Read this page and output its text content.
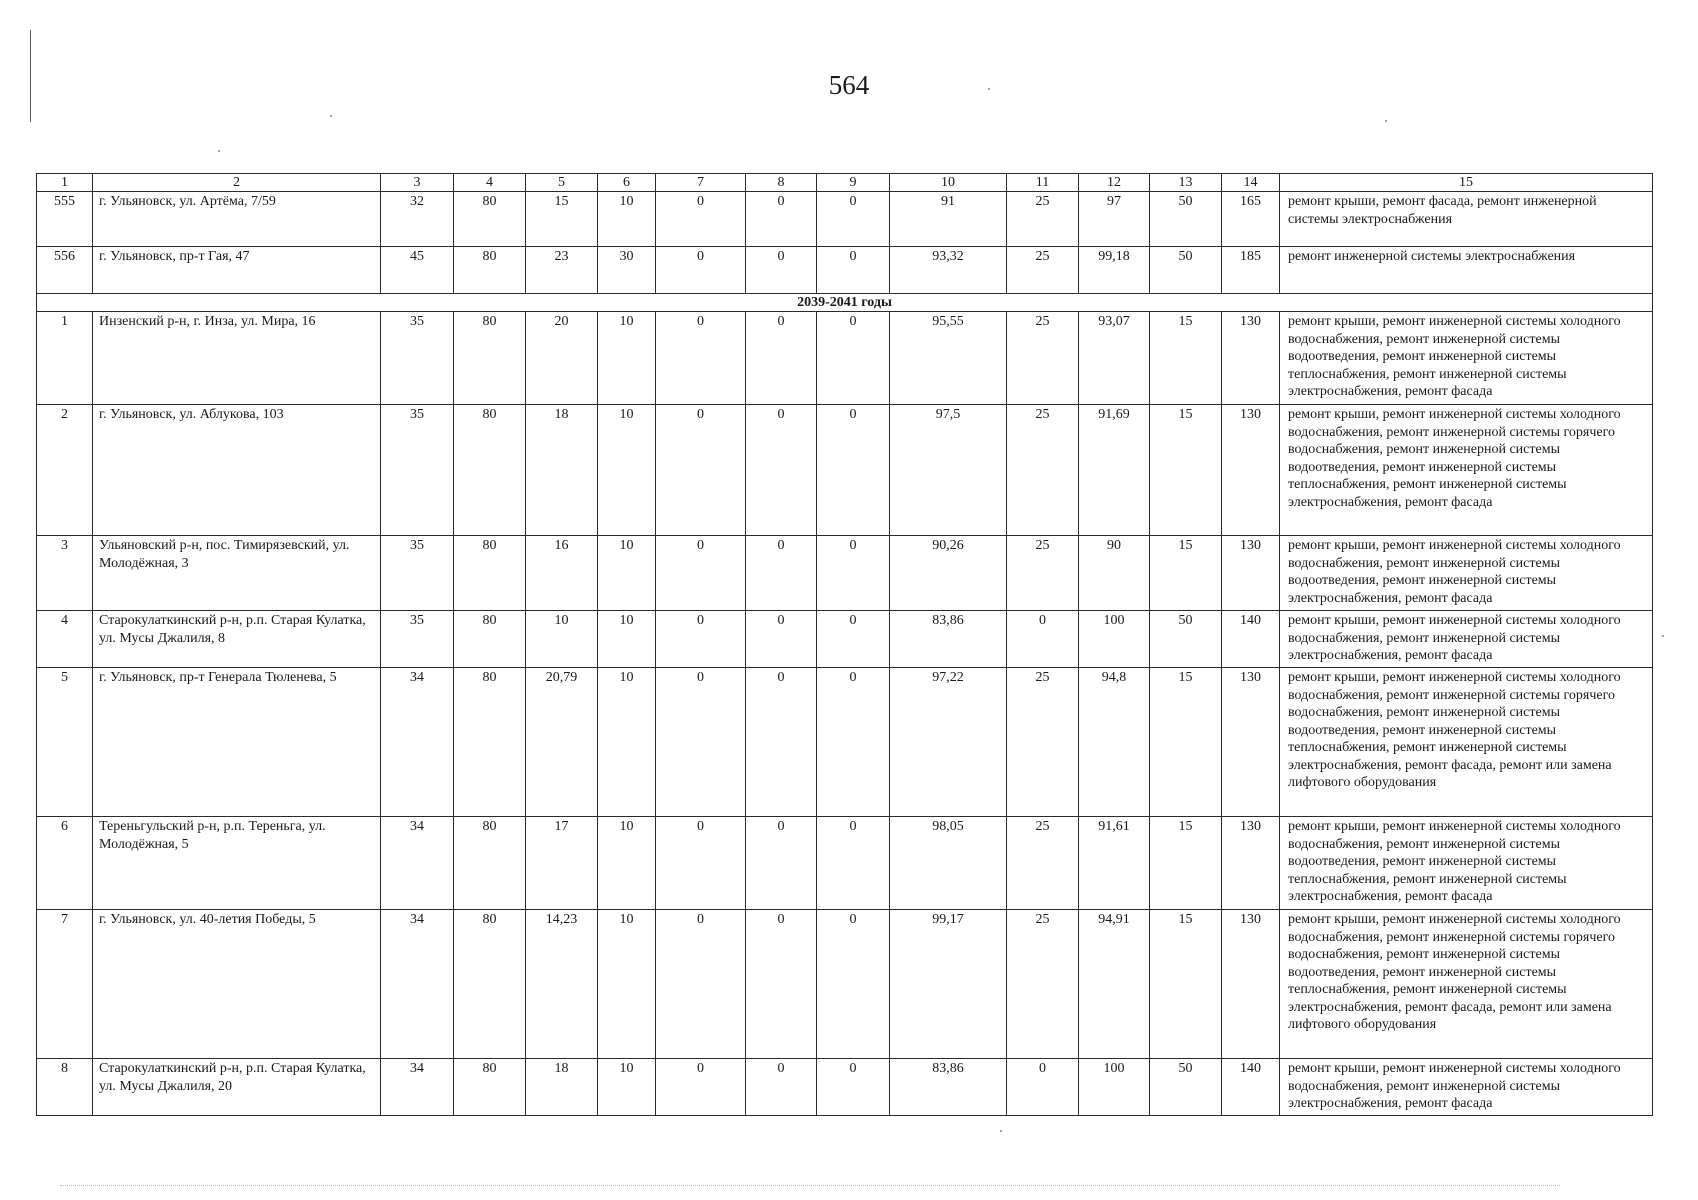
564
1	2	3	4	5	6	7	8	9	10	11	12	13	14	15
555	г. Ульяновск, ул. Артёма, 7/59	32	80	15	10	0	0	0	91	25	97	50	165	ремонт крыши, ремонт фасада, ремонт инженерной системы электроснабжения
556	г. Ульяновск, пр-т Гая, 47	45	80	23	30	0	0	0	93,32	25	99,18	50	185	ремонт инженерной системы электроснабжения
2039-2041 годы														
1	Инзенский р-н, г. Инза, ул. Мира, 16	35	80	20	10	0	0	0	95,55	25	93,07	15	130	ремонт крыши, ремонт инженерной системы холодного водоснабжения, ремонт инженерной системы водоотведения, ремонт инженерной системы теплоснабжения, ремонт инженерной системы электроснабжения, ремонт фасада
2	г. Ульяновск, ул. Аблукова, 103	35	80	18	10	0	0	0	97,5	25	91,69	15	130	ремонт крыши, ремонт инженерной системы холодного водоснабжения, ремонт инженерной системы горячего водоснабжения, ремонт инженерной системы водоотведения, ремонт инженерной системы теплоснабжения, ремонт инженерной системы электроснабжения, ремонт фасада
3	Ульяновский р-н, пос. Тимирязевский, ул. Молодёжная, 3	35	80	16	10	0	0	0	90,26	25	90	15	130	ремонт крыши, ремонт инженерной системы холодного водоснабжения, ремонт инженерной системы водоотведения, ремонт инженерной системы электроснабжения, ремонт фасада
4	Старокулаткинский р-н, р.п. Старая Кулатка, ул. Мусы Джалиля, 8	35	80	10	10	0	0	0	83,86	0	100	50	140	ремонт крыши, ремонт инженерной системы холодного водоснабжения, ремонт инженерной системы электроснабжения, ремонт фасада
5	г. Ульяновск, пр-т Генерала Тюленева, 5	34	80	20,79	10	0	0	0	97,22	25	94,8	15	130	ремонт крыши, ремонт инженерной системы холодного водоснабжения, ремонт инженерной системы горячего водоснабжения, ремонт инженерной системы водоотведения, ремонт инженерной системы теплоснабжения, ремонт инженерной системы электроснабжения, ремонт фасада, ремонт или замена лифтового оборудования
6	Тереньгульский р-н, р.п. Тереньга, ул. Молодёжная, 5	34	80	17	10	0	0	0	98,05	25	91,61	15	130	ремонт крыши, ремонт инженерной системы холодного водоснабжения, ремонт инженерной системы водоотведения, ремонт инженерной системы теплоснабжения, ремонт инженерной системы электроснабжения, ремонт фасада
7	г. Ульяновск, ул. 40-летия Победы, 5	34	80	14,23	10	0	0	0	99,17	25	94,91	15	130	ремонт крыши, ремонт инженерной системы холодного водоснабжения, ремонт инженерной системы горячего водоснабжения, ремонт инженерной системы водоотведения, ремонт инженерной системы теплоснабжения, ремонт инженерной системы электроснабжения, ремонт фасада, ремонт или замена лифтового оборудования
8	Старокулаткинский р-н, р.п. Старая Кулатка, ул. Мусы Джалиля, 20	34	80	18	10	0	0	0	83,86	0	100	50	140	ремонт крыши, ремонт инженерной системы холодного водоснабжения, ремонт инженерной системы электроснабжения, ремонт фасада
